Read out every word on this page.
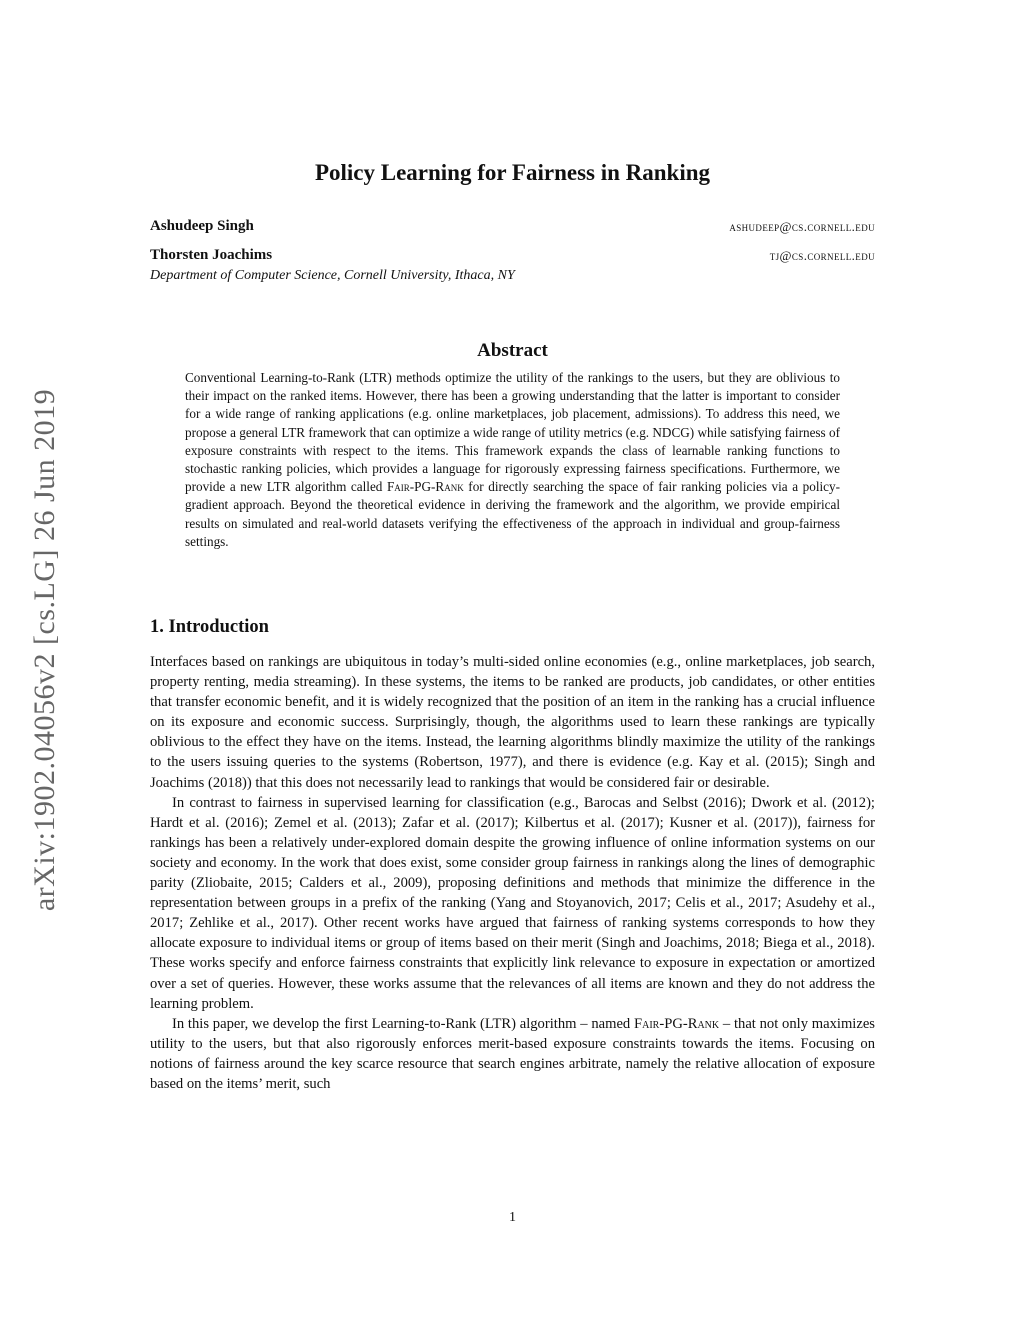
arXiv:1902.04056v2 [cs.LG] 26 Jun 2019
Policy Learning for Fairness in Ranking
Ashudeep Singh	ashudeep@cs.cornell.edu
Thorsten Joachims	tj@cs.cornell.edu
Department of Computer Science, Cornell University, Ithaca, NY
Abstract
Conventional Learning-to-Rank (LTR) methods optimize the utility of the rankings to the users, but they are oblivious to their impact on the ranked items. However, there has been a growing understanding that the latter is important to consider for a wide range of ranking applications (e.g. online marketplaces, job placement, admissions). To address this need, we propose a general LTR framework that can optimize a wide range of utility metrics (e.g. NDCG) while satisfying fairness of exposure constraints with respect to the items. This framework expands the class of learnable ranking functions to stochastic ranking policies, which provides a language for rigorously expressing fairness specifications. Furthermore, we provide a new LTR algorithm called Fair-PG-Rank for directly searching the space of fair ranking policies via a policy-gradient approach. Beyond the theoretical evidence in deriving the framework and the algorithm, we provide empirical results on simulated and real-world datasets verifying the effectiveness of the approach in individual and group-fairness settings.
1. Introduction

Interfaces based on rankings are ubiquitous in today’s multi-sided online economies (e.g., online marketplaces, job search, property renting, media streaming). In these systems, the items to be ranked are products, job candidates, or other entities that transfer economic benefit, and it is widely recognized that the position of an item in the ranking has a crucial influence on its exposure and economic success. Surprisingly, though, the algorithms used to learn these rankings are typically oblivious to the effect they have on the items. Instead, the learning algorithms blindly maximize the utility of the rankings to the users issuing queries to the systems (Robertson, 1977), and there is evidence (e.g. Kay et al. (2015); Singh and Joachims (2018)) that this does not necessarily lead to rankings that would be considered fair or desirable.

In contrast to fairness in supervised learning for classification (e.g., Barocas and Selbst (2016); Dwork et al. (2012); Hardt et al. (2016); Zemel et al. (2013); Zafar et al. (2017); Kilbertus et al. (2017); Kusner et al. (2017)), fairness for rankings has been a relatively under-explored domain despite the growing influence of online information systems on our society and economy. In the work that does exist, some consider group fairness in rankings along the lines of demographic parity (Zliobaite, 2015; Calders et al., 2009), proposing definitions and methods that minimize the difference in the representation between groups in a prefix of the ranking (Yang and Stoyanovich, 2017; Celis et al., 2017; Asudehy et al., 2017; Zehlike et al., 2017). Other recent works have argued that fairness of ranking systems corresponds to how they allocate exposure to individual items or group of items based on their merit (Singh and Joachims, 2018; Biega et al., 2018). These works specify and enforce fairness constraints that explicitly link relevance to exposure in expectation or amortized over a set of queries. However, these works assume that the relevances of all items are known and they do not address the learning problem.

In this paper, we develop the first Learning-to-Rank (LTR) algorithm – named Fair-PG-Rank – that not only maximizes utility to the users, but that also rigorously enforces merit-based exposure constraints towards the items. Focusing on notions of fairness around the key scarce resource that search engines arbitrate, namely the relative allocation of exposure based on the items’ merit, such

1
